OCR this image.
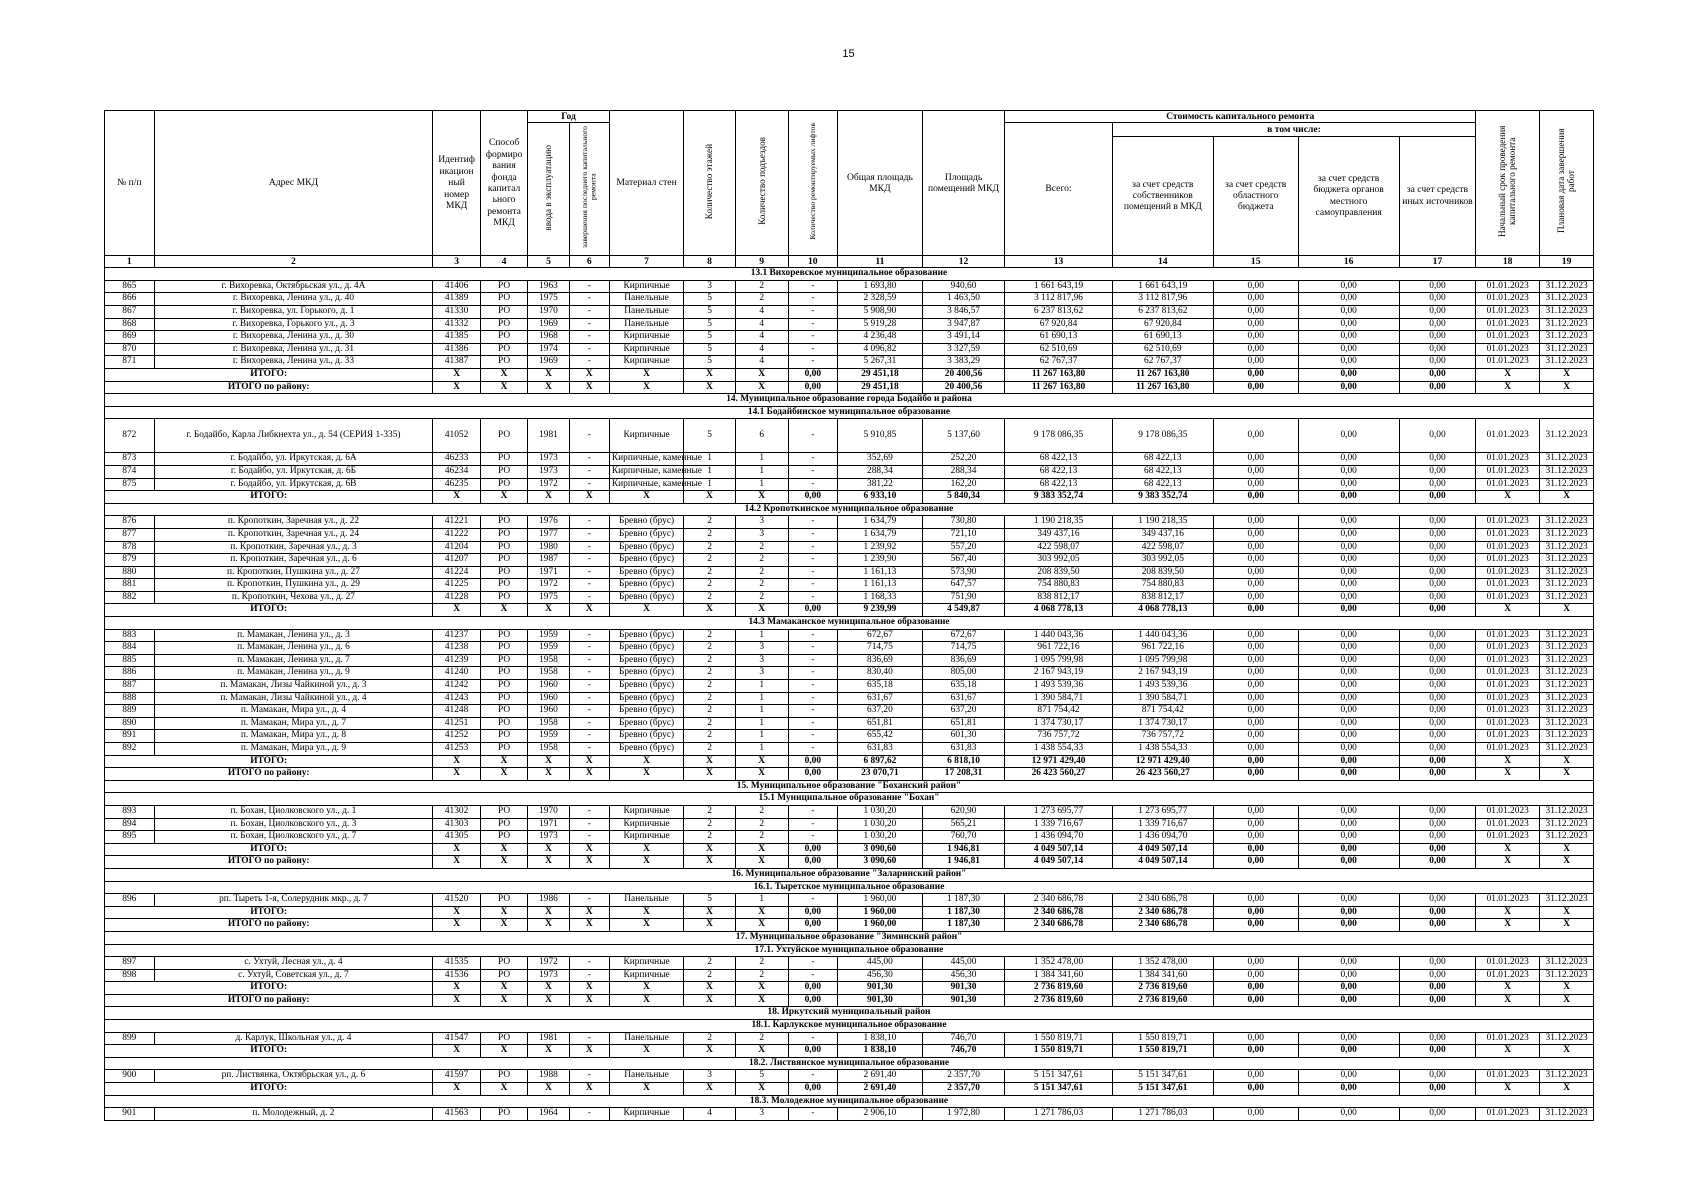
15
№ п/п	Адрес МКД	Идентиф икацион ный номер МКД	Способ формиро вания фонда капитал ьного ремонта МКД	Год		Материал стен	Количество этажей	Количество подъездов	Количество ремонтируемых лифтов	Общая площадь МКД	Площадь помещений МКД	Стоимость капитального ремонта					Начальный срок проведения капитального ремонта	Плановая дата завершения работ
				ввода в эксплуатацию	завершения последнего капитального ремонта							Всего:	в том числе:					
													за счет средств собственников помещений в МКД	за счет средств областного бюджета	за счет средств бюджета органов местного самоуправления	за счет средств иных источников		
1	2	3	4	5	6	7	8	9	10	11	12	13	14	15	16	17	18	19
13.1 Вихоревское муниципальное образование																		
865	г. Вихоревка, Октябрьская ул., д. 4А	41406	РО	1963	-	Кирпичные	3	2	-	1 693,80	940,60	1 661 643,19	1 661 643,19	0,00	0,00	0,00	01.01.2023	31.12.2023
866	г. Вихоревка, Ленина ул., д. 40	41389	РО	1975	-	Панельные	5	2	-	2 328,59	1 463,50	3 112 817,96	3 112 817,96	0,00	0,00	0,00	01.01.2023	31.12.2023
867	г. Вихоревка, ул. Горького, д. 1	41330	РО	1970	-	Панельные	5	4	-	5 908,90	3 846,57	6 237 813,62	6 237 813,62	0,00	0,00	0,00	01.01.2023	31.12.2023
868	г. Вихоревка, Горького ул., д. 3	41332	РО	1969	-	Панельные	5	4	-	5 919,28	3 947,87	67 920,84	67 920,84	0,00	0,00	0,00	01.01.2023	31.12.2023
869	г. Вихоревка, Ленина ул., д. 30	41385	РО	1968	-	Кирпичные	5	4	-	4 236,48	3 491,14	61 690,13	61 690,13	0,00	0,00	0,00	01.01.2023	31.12.2023
870	г. Вихоревка, Ленина ул., д. 31	41386	РО	1974	-	Кирпичные	5	4	-	4 096,82	3 327,59	62 510,69	62 510,69	0,00	0,00	0,00	01.01.2023	31.12.2023
871	г. Вихоревка, Ленина ул., д. 33	41387	РО	1969	-	Кирпичные	5	4	-	5 267,31	3 383,29	62 767,37	62 767,37	0,00	0,00	0,00	01.01.2023	31.12.2023
ИТОГО:		X	X	X	X	X	X	X	0,00	29 451,18	20 400,56	11 267 163,80	11 267 163,80	0,00	0,00	0,00	X	X
ИТОГО по району:		X	X	X	X	X	X	X	0,00	29 451,18	20 400,56	11 267 163,80	11 267 163,80	0,00	0,00	0,00	X	X
14. Муниципальное образование города Бодайбо и района																		
14.1 Бодайбинское муниципальное образование																		
872	г. Бодайбо, Карла Либкнехта ул., д. 54 (СЕРИЯ 1-335)	41052	РО	1981	-	Кирпичные	5	6	-	5 910,85	5 137,60	9 178 086,35	9 178 086,35	0,00	0,00	0,00	01.01.2023	31.12.2023
873	г. Бодайбо, ул. Иркутская, д. 6А	46233	РО	1973	-	Кирпичные, каменные	1	1	-	352,69	252,20	68 422,13	68 422,13	0,00	0,00	0,00	01.01.2023	31.12.2023
874	г. Бодайбо, ул. Иркутская, д. 6Б	46234	РО	1973	-	Кирпичные, каменные	1	1	-	288,34	288,34	68 422,13	68 422,13	0,00	0,00	0,00	01.01.2023	31.12.2023
875	г. Бодайбо, ул. Иркутская, д. 6В	46235	РО	1972	-	Кирпичные, каменные	1	1	-	381,22	162,20	68 422,13	68 422,13	0,00	0,00	0,00	01.01.2023	31.12.2023
ИТОГО:		X	X	X	X	X	X	X	0,00	6 933,10	5 840,34	9 383 352,74	9 383 352,74	0,00	0,00	0,00	X	X
14.2 Кропоткинское муниципальное образование																		
876	п. Кропоткин, Заречная ул., д. 22	41221	РО	1976	-	Бревно (брус)	2	3	-	1 634,79	730,80	1 190 218,35	1 190 218,35	0,00	0,00	0,00	01.01.2023	31.12.2023
877	п. Кропоткин, Заречная ул., д. 24	41222	РО	1977	-	Бревно (брус)	2	3	-	1 634,79	721,10	349 437,16	349 437,16	0,00	0,00	0,00	01.01.2023	31.12.2023
878	п. Кропоткин, Заречная ул., д. 3	41204	РО	1980	-	Бревно (брус)	2	2	-	1 239,92	557,20	422 598,07	422 598,07	0,00	0,00	0,00	01.01.2023	31.12.2023
879	п. Кропоткин, Заречная ул., д. 6	41207	РО	1987	-	Бревно (брус)	2	2	-	1 239,90	567,40	303 992,05	303 992,05	0,00	0,00	0,00	01.01.2023	31.12.2023
880	п. Кропоткин, Пушкина ул., д. 27	41224	РО	1971	-	Бревно (брус)	2	2	-	1 161,13	573,90	208 839,50	208 839,50	0,00	0,00	0,00	01.01.2023	31.12.2023
881	п. Кропоткин, Пушкина ул., д. 29	41225	РО	1972	-	Бревно (брус)	2	2	-	1 161,13	647,57	754 880,83	754 880,83	0,00	0,00	0,00	01.01.2023	31.12.2023
882	п. Кропоткин, Чехова ул., д. 27	41228	РО	1975	-	Бревно (брус)	2	2	-	1 168,33	751,90	838 812,17	838 812,17	0,00	0,00	0,00	01.01.2023	31.12.2023
ИТОГО:		X	X	X	X	X	X	X	0,00	9 239,99	4 549,87	4 068 778,13	4 068 778,13	0,00	0,00	0,00	X	X
14.3 Мамаканское муниципальное образование																		
883	п. Мамакан, Ленина ул., д. 3	41237	РО	1959	-	Бревно (брус)	2	1	-	672,67	672,67	1 440 043,36	1 440 043,36	0,00	0,00	0,00	01.01.2023	31.12.2023
884	п. Мамакан, Ленина ул., д. 6	41238	РО	1959	-	Бревно (брус)	2	3	-	714,75	714,75	961 722,16	961 722,16	0,00	0,00	0,00	01.01.2023	31.12.2023
885	п. Мамакан, Ленина ул., д. 7	41239	РО	1958	-	Бревно (брус)	2	3	-	836,69	836,69	1 095 799,98	1 095 799,98	0,00	0,00	0,00	01.01.2023	31.12.2023
886	п. Мамакан, Ленина ул., д. 9	41240	РО	1958	-	Бревно (брус)	2	3	-	830,40	805,00	2 167 943,19	2 167 943,19	0,00	0,00	0,00	01.01.2023	31.12.2023
887	п. Мамакан, Лизы Чайкиной ул., д. 3	41242	РО	1960	-	Бревно (брус)	2	1	-	635,18	635,18	1 493 539,36	1 493 539,36	0,00	0,00	0,00	01.01.2023	31.12.2023
888	п. Мамакан, Лизы Чайкиной ул., д. 4	41243	РО	1960	-	Бревно (брус)	2	1	-	631,67	631,67	1 390 584,71	1 390 584,71	0,00	0,00	0,00	01.01.2023	31.12.2023
889	п. Мамакан, Мира ул., д. 4	41248	РО	1960	-	Бревно (брус)	2	1	-	637,20	637,20	871 754,42	871 754,42	0,00	0,00	0,00	01.01.2023	31.12.2023
890	п. Мамакан, Мира ул., д. 7	41251	РО	1958	-	Бревно (брус)	2	1	-	651,81	651,81	1 374 730,17	1 374 730,17	0,00	0,00	0,00	01.01.2023	31.12.2023
891	п. Мамакан, Мира ул., д. 8	41252	РО	1959	-	Бревно (брус)	2	1	-	655,42	601,30	736 757,72	736 757,72	0,00	0,00	0,00	01.01.2023	31.12.2023
892	п. Мамакан, Мира ул., д. 9	41253	РО	1958	-	Бревно (брус)	2	1	-	631,83	631,83	1 438 554,33	1 438 554,33	0,00	0,00	0,00	01.01.2023	31.12.2023
ИТОГО:		X	X	X	X	X	X	X	0,00	6 897,62	6 818,10	12 971 429,40	12 971 429,40	0,00	0,00	0,00	X	X
ИТОГО по району:		X	X	X	X	X	X	X	0,00	23 070,71	17 208,31	26 423 560,27	26 423 560,27	0,00	0,00	0,00	X	X
15. Муниципальное образование "Боханский район"																		
15.1 Муниципальное образование "Бохан"																		
893	п. Бохан, Циолковского ул., д. 1	41302	РО	1970	-	Кирпичные	2	2	-	1 030,20	620,90	1 273 695,77	1 273 695,77	0,00	0,00	0,00	01.01.2023	31.12.2023
894	п. Бохан, Циолковского ул., д. 3	41303	РО	1971	-	Кирпичные	2	2	-	1 030,20	565,21	1 339 716,67	1 339 716,67	0,00	0,00	0,00	01.01.2023	31.12.2023
895	п. Бохан, Циолковского ул., д. 7	41305	РО	1973	-	Кирпичные	2	2	-	1 030,20	760,70	1 436 094,70	1 436 094,70	0,00	0,00	0,00	01.01.2023	31.12.2023
ИТОГО:		X	X	X	X	X	X	X	0,00	3 090,60	1 946,81	4 049 507,14	4 049 507,14	0,00	0,00	0,00	X	X
ИТОГО по району:		X	X	X	X	X	X	X	0,00	3 090,60	1 946,81	4 049 507,14	4 049 507,14	0,00	0,00	0,00	X	X
16. Муниципальное образование "Заларинский район"																		
16.1. Тыретское муниципальное образование																		
896	рп. Тыреть 1-я, Солерудник мкр., д. 7	41520	РО	1986	-	Панельные	5	1	-	1 960,00	1 187,30	2 340 686,78	2 340 686,78	0,00	0,00	0,00	01.01.2023	31.12.2023
ИТОГО:		X	X	X	X	X	X	X	0,00	1 960,00	1 187,30	2 340 686,78	2 340 686,78	0,00	0,00	0,00	X	X
ИТОГО по району:		X	X	X	X	X	X	X	0,00	1 960,00	1 187,30	2 340 686,78	2 340 686,78	0,00	0,00	0,00	X	X
17. Муниципальное образование "Зиминский район"																		
17.1. Ухтуйское муниципальное образование																		
897	с. Ухтуй, Лесная ул., д. 4	41535	РО	1972	-	Кирпичные	2	2	-	445,00	445,00	1 352 478,00	1 352 478,00	0,00	0,00	0,00	01.01.2023	31.12.2023
898	с. Ухтуй, Советская ул., д. 7	41536	РО	1973	-	Кирпичные	2	2	-	456,30	456,30	1 384 341,60	1 384 341,60	0,00	0,00	0,00	01.01.2023	31.12.2023
ИТОГО:		X	X	X	X	X	X	X	0,00	901,30	901,30	2 736 819,60	2 736 819,60	0,00	0,00	0,00	X	X
ИТОГО по району:		X	X	X	X	X	X	X	0,00	901,30	901,30	2 736 819,60	2 736 819,60	0,00	0,00	0,00	X	X
18. Иркутский муниципальный район																		
18.1. Карлукское муниципальное образование																		
899	д. Карлук, Школьная ул., д. 4	41547	РО	1981	-	Панельные	2	2	-	1 838,10	746,70	1 550 819,71	1 550 819,71	0,00	0,00	0,00	01.01.2023	31.12.2023
ИТОГО:		X	X	X	X	X	X	X	0,00	1 838,10	746,70	1 550 819,71	1 550 819,71	0,00	0,00	0,00	X	X
18.2. Листвянское муниципальное образование																		
900	рп. Листвянка, Октябрьская ул., д. 6	41597	РО	1988	-	Панельные	3	5	-	2 691,40	2 357,70	5 151 347,61	5 151 347,61	0,00	0,00	0,00	01.01.2023	31.12.2023
ИТОГО:		X	X	X	X	X	X	X	0,00	2 691,40	2 357,70	5 151 347,61	5 151 347,61	0,00	0,00	0,00	X	X
18.3. Молодежное муниципальное образование																		
901	п. Молодежный, д. 2	41563	РО	1964	-	Кирпичные	4	3	-	2 906,10	1 972,80	1 271 786,03	1 271 786,03	0,00	0,00	0,00	01.01.2023	31.12.2023
